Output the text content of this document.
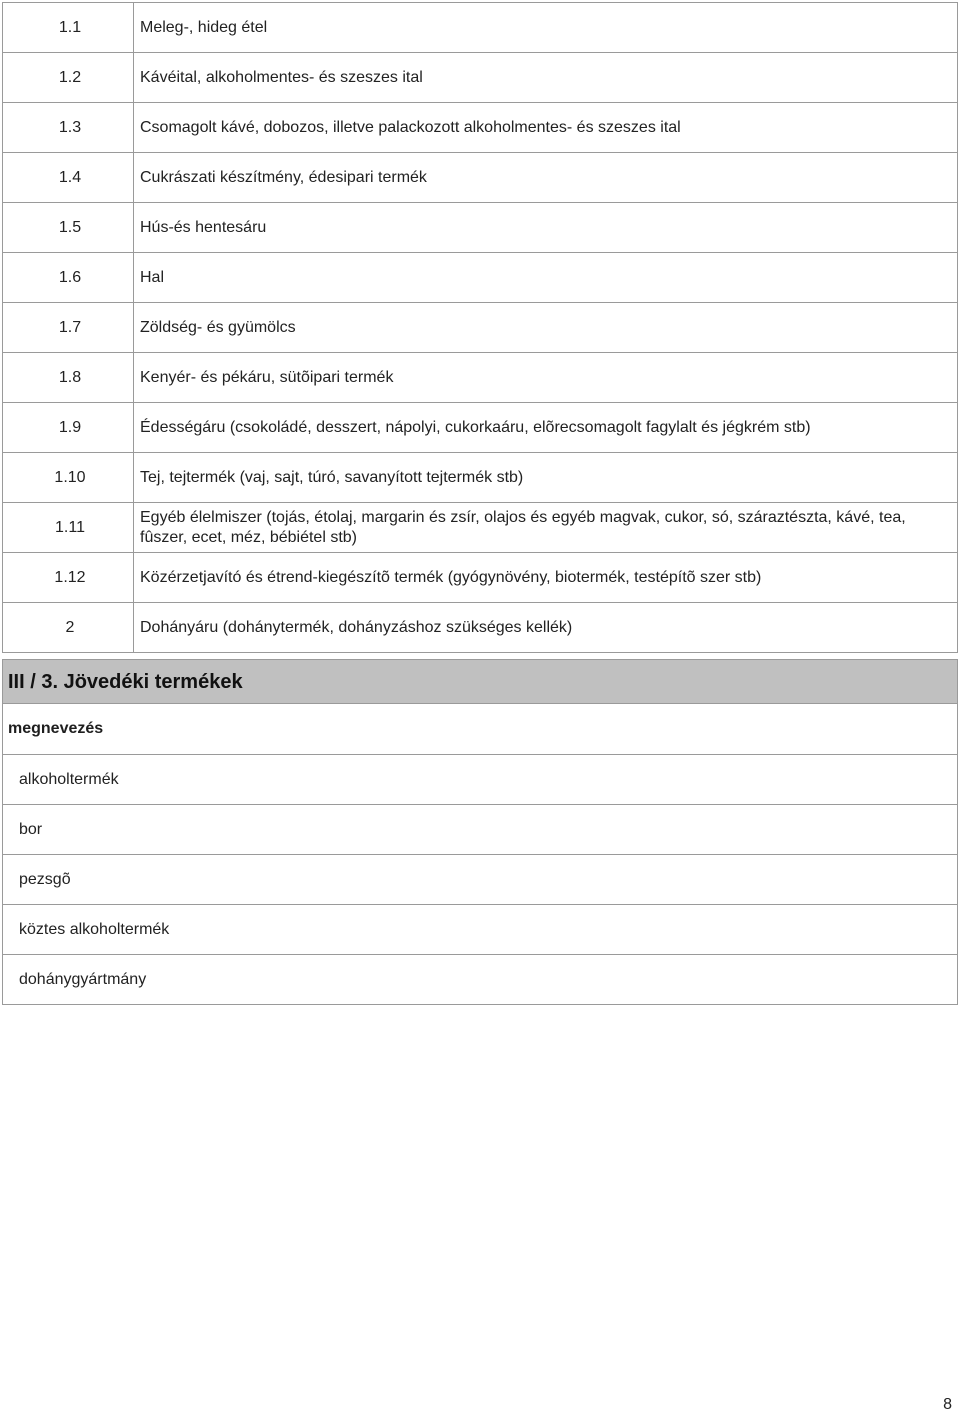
1.1	Meleg-, hideg étel
1.2	Kávéital, alkoholmentes- és szeszes ital
1.3	Csomagolt kávé, dobozos, illetve palackozott alkoholmentes- és szeszes ital
1.4	Cukrászati készítmény, édesipari termék
1.5	Hús-és hentesáru
1.6	Hal
1.7	Zöldség- és gyümölcs
1.8	Kenyér- és pékáru, sütõipari termék
1.9	Édességáru (csokoládé, desszert, nápolyi, cukorkaáru, elõrecsomagolt fagylalt és jégkrém stb)
1.10	Tej, tejtermék (vaj, sajt, túró, savanyított tejtermék stb)
1.11	Egyéb élelmiszer (tojás, étolaj, margarin és zsír, olajos és egyéb magvak, cukor, só, száraztészta, kávé, tea, fûszer, ecet, méz, bébiétel stb)
1.12	Közérzetjavító és étrend-kiegészítõ termék (gyógynövény, biotermék, testépítõ szer stb)
2	Dohányáru (dohánytermék, dohányzáshoz szükséges kellék)
III / 3. Jövedéki termékek
megnevezés
alkoholtermék

bor

pezsgõ

köztes alkoholtermék

dohánygyártmány
8
